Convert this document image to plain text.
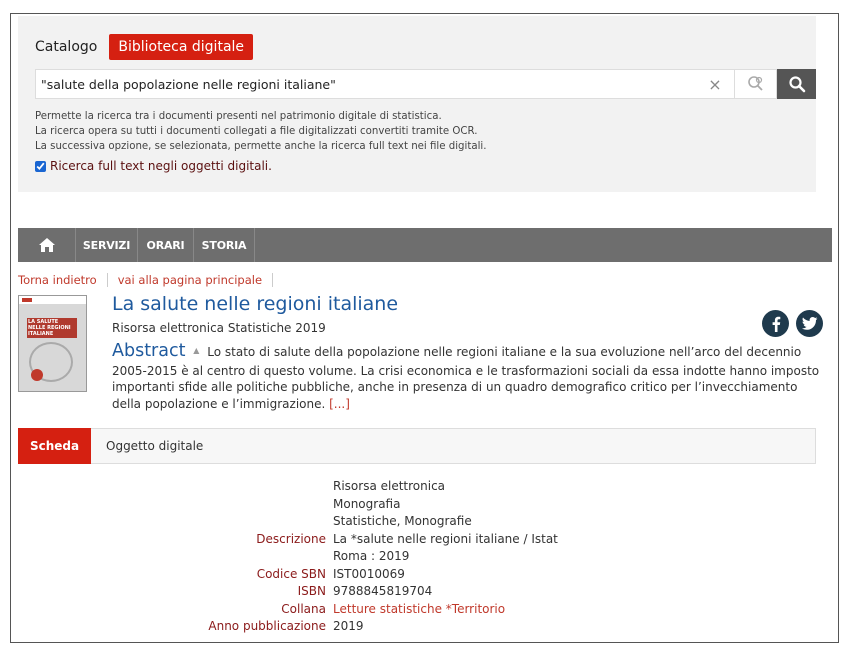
Catalogo	Biblioteca digitale
"salute della popolazione nelle regioni italiane"
×
Permette la ricerca tra i documenti presenti nel patrimonio digitale di statistica.
La ricerca opera su tutti i documenti collegati a file digitalizzati convertiti tramite OCR.
La successiva opzione, se selezionata, permette anche la ricerca full text nei file digitali.
Ricerca full text negli oggetti digitali.
SERVIZI	ORARI	STORIA
Torna indietro vai alla pagina principale
LA SALUTE NELLE REGIONI ITALIANE
La salute nelle regioni italiane
Risorsa elettronica Statistiche 2019
Abstract ▲ Lo stato di salute della popolazione nelle regioni italiane e la sua evoluzione nell’arco del decennio 2005-2015 è al centro di questo volume. La crisi economica e le trasformazioni sociali da essa indotte hanno imposto importanti sfide alle politiche pubbliche, anche in presenza di un quadro demografico critico per l’invecchiamento della popolazione e l’immigrazione. [...]
Scheda	Oggetto digitale
Risorsa elettronica
Monografia
Statistiche, Monografie
Descrizione La *salute nelle regioni italiane / Istat
Roma : 2019
Codice SBN IST0010069
ISBN 9788845819704
Collana Letture statistiche *Territorio
Anno pubblicazione 2019
